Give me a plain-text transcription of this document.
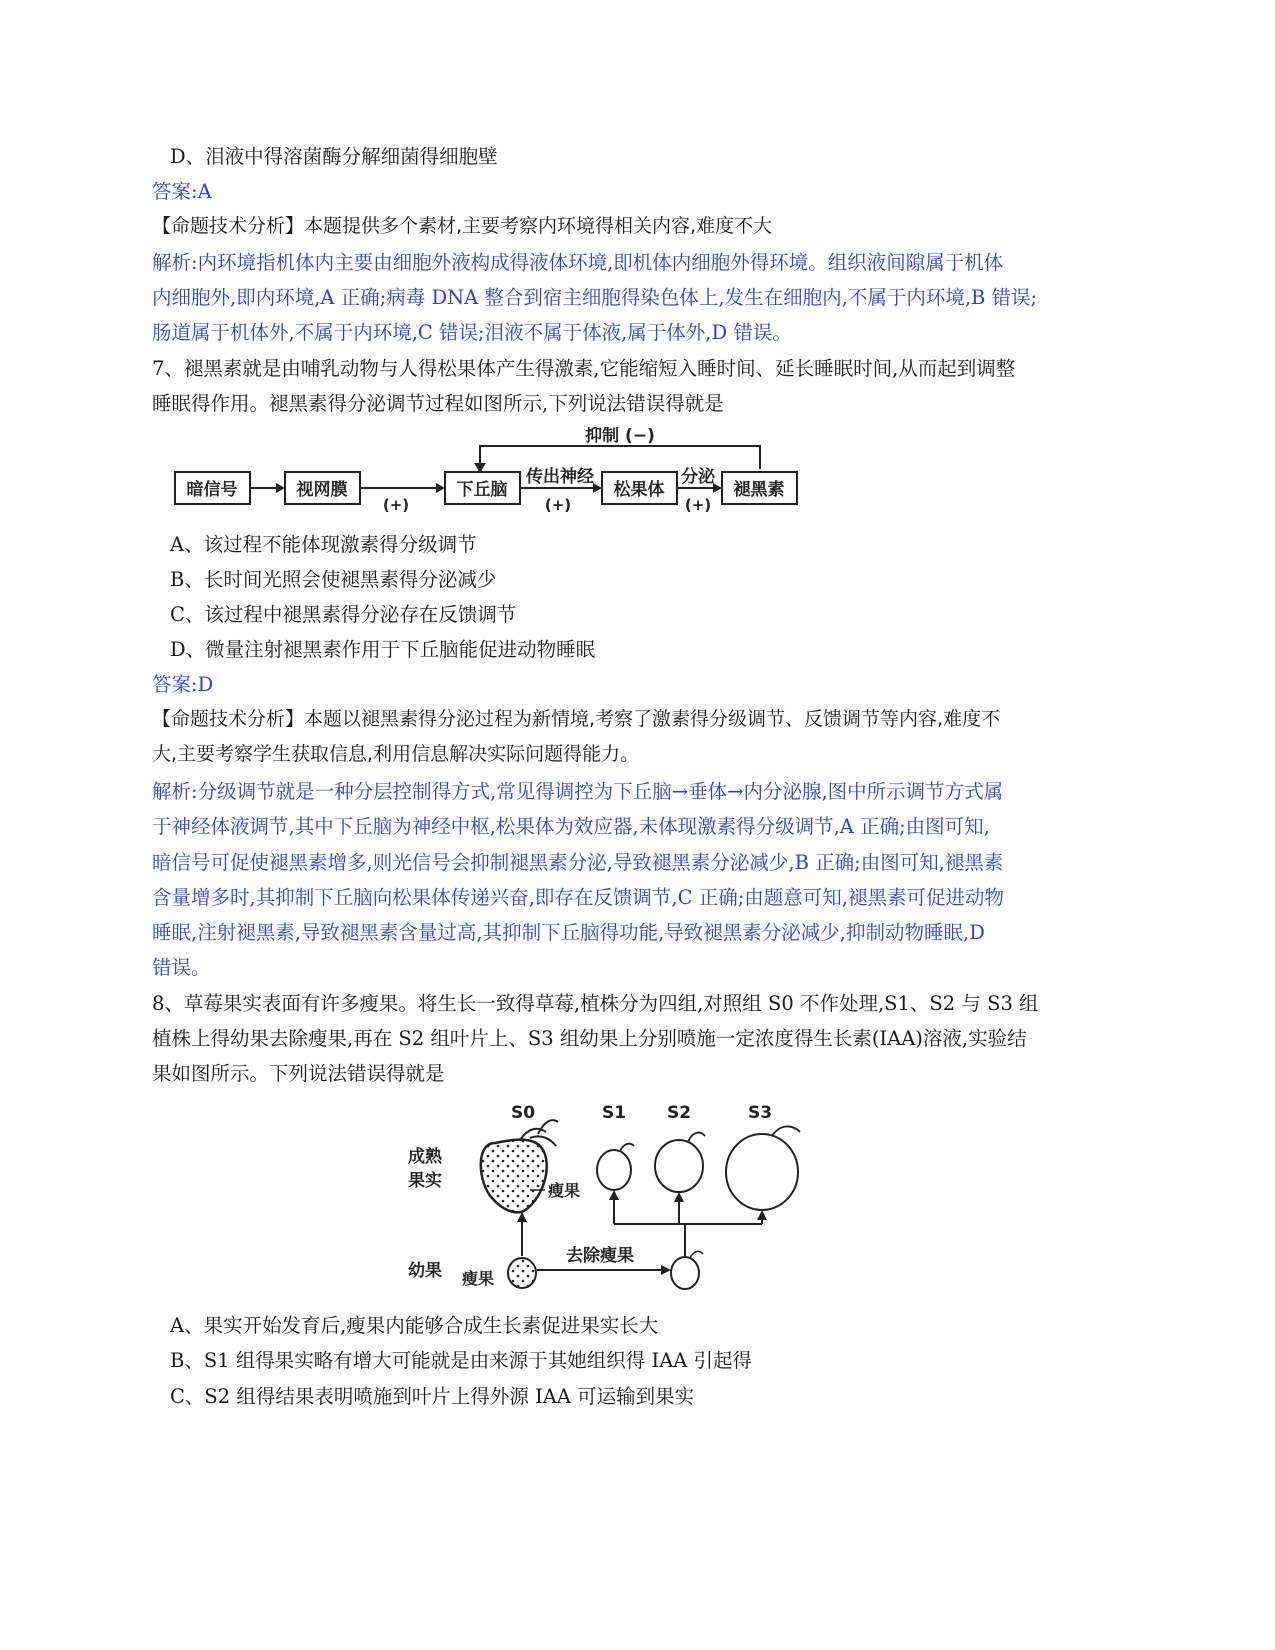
D、泪液中得溶菌酶分解细菌得细胞壁
答案:A
【命题技术分析】本题提供多个素材,主要考察内环境得相关内容,难度不大
解析:内环境指机体内主要由细胞外液构成得液体环境,即机体内细胞外得环境。组织液间隙属于机体
内细胞外,即内环境,A 正确;病毒 DNA 整合到宿主细胞得染色体上,发生在细胞内,不属于内环境,B 错误;
肠道属于机体外,不属于内环境,C 错误;泪液不属于体液,属于体外,D 错误。
7、褪黑素就是由哺乳动物与人得松果体产生得激素,它能缩短入睡时间、延长睡眠时间,从而起到调整
睡眠得作用。褪黑素得分泌调节过程如图所示,下列说法错误得就是
抑制 (−)
暗信号	视网膜	下丘脑	松果体	褪黑素
(+)
传出神经
(+)
分泌
(+)
A、该过程不能体现激素得分级调节
B、长时间光照会使褪黑素得分泌减少
C、该过程中褪黑素得分泌存在反馈调节
D、微量注射褪黑素作用于下丘脑能促进动物睡眠
答案:D
【命题技术分析】本题以褪黑素得分泌过程为新情境,考察了激素得分级调节、反馈调节等内容,难度不
大,主要考察学生获取信息,利用信息解决实际问题得能力。
解析:分级调节就是一种分层控制得方式,常见得调控为下丘脑→垂体→内分泌腺,图中所示调节方式属
于神经体液调节,其中下丘脑为神经中枢,松果体为效应器,未体现激素得分级调节,A 正确;由图可知,
暗信号可促使褪黑素增多,则光信号会抑制褪黑素分泌,导致褪黑素分泌减少,B 正确;由图可知,褪黑素
含量增多时,其抑制下丘脑向松果体传递兴奋,即存在反馈调节,C 正确;由题意可知,褪黑素可促进动物
睡眠,注射褪黑素,导致褪黑素含量过高,其抑制下丘脑得功能,导致褪黑素分泌减少,抑制动物睡眠,D
错误。
8、草莓果实表面有许多瘦果。将生长一致得草莓,植株分为四组,对照组 S0 不作处理,S1、S2 与 S3 组
植株上得幼果去除瘦果,再在 S2 组叶片上、S3 组幼果上分别喷施一定浓度得生长素(IAA)溶液,实验结
果如图所示。下列说法错误得就是
S0	S1 S2	S3
成熟
果实
幼果
瘦果
瘦果
去除瘦果
A、果实开始发育后,瘦果内能够合成生长素促进果实长大
B、S1 组得果实略有增大可能就是由来源于其她组织得 IAA 引起得
C、S2 组得结果表明喷施到叶片上得外源 IAA 可运输到果实
